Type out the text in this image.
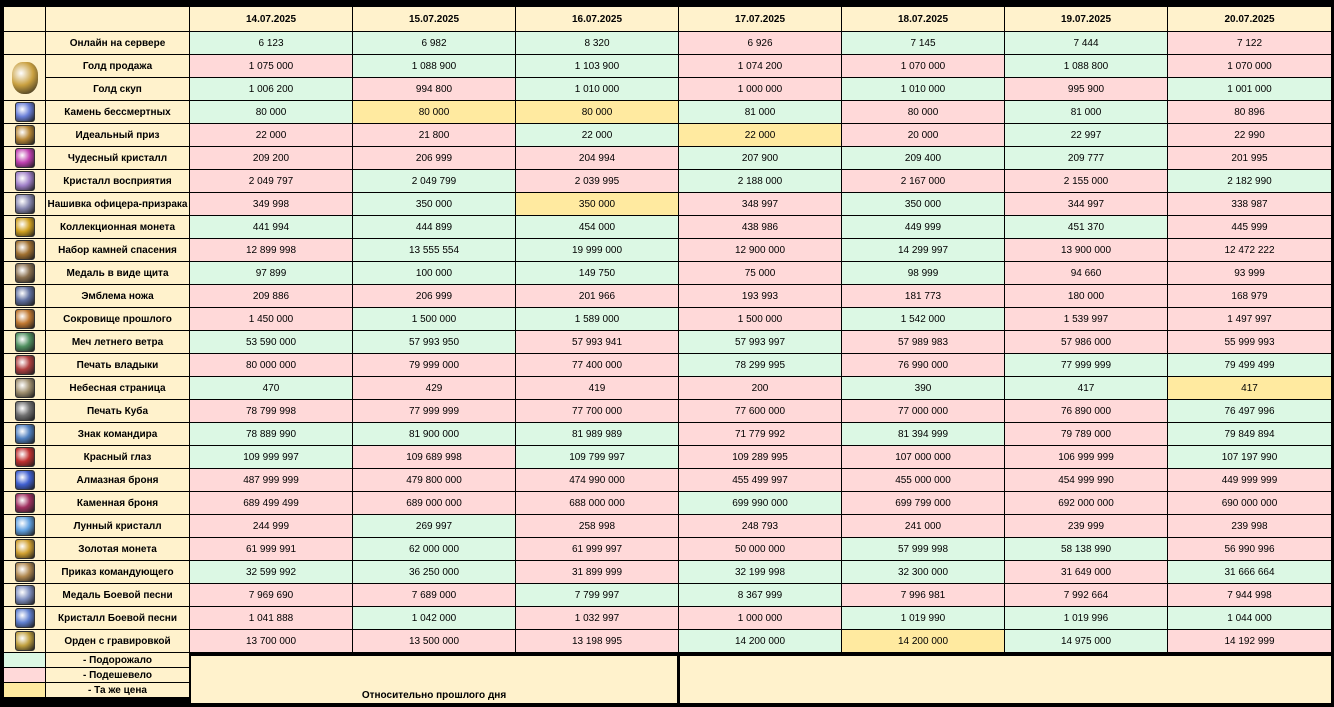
		14.07.2025	15.07.2025	16.07.2025	17.07.2025	18.07.2025	19.07.2025	20.07.2025
	Онлайн на сервере	6 123	6 982	8 320	6 926	7 145	7 444	7 122
	Голд продажа	1 075 000	1 088 900	1 103 900	1 074 200	1 070 000	1 088 800	1 070 000
	Голд скуп	1 006 200	994 800	1 010 000	1 000 000	1 010 000	995 900	1 001 000
	Камень бессмертных	80 000	80 000	80 000	81 000	80 000	81 000	80 896
	Идеальный приз	22 000	21 800	22 000	22 000	20 000	22 997	22 990
	Чудесный кристалл	209 200	206 999	204 994	207 900	209 400	209 777	201 995
	Кристалл восприятия	2 049 797	2 049 799	2 039 995	2 188 000	2 167 000	2 155 000	2 182 990
	Нашивка офицера-призрака	349 998	350 000	350 000	348 997	350 000	344 997	338 987
	Коллекционная монета	441 994	444 899	454 000	438 986	449 999	451 370	445 999
	Набор камней спасения	12 899 998	13 555 554	19 999 000	12 900 000	14 299 997	13 900 000	12 472 222
	Медаль в виде щита	97 899	100 000	149 750	75 000	98 999	94 660	93 999
	Эмблема ножа	209 886	206 999	201 966	193 993	181 773	180 000	168 979
	Сокровище прошлого	1 450 000	1 500 000	1 589 000	1 500 000	1 542 000	1 539 997	1 497 997
	Меч летнего ветра	53 590 000	57 993 950	57 993 941	57 993 997	57 989 983	57 986 000	55 999 993
	Печать владыки	80 000 000	79 999 000	77 400 000	78 299 995	76 990 000	77 999 999	79 499 499
	Небесная страница	470	429	419	200	390	417	417
	Печать Куба	78 799 998	77 999 999	77 700 000	77 600 000	77 000 000	76 890 000	76 497 996
	Знак командира	78 889 990	81 900 000	81 989 989	71 779 992	81 394 999	79 789 000	79 849 894
	Красный глаз	109 999 997	109 689 998	109 799 997	109 289 995	107 000 000	106 999 999	107 197 990
	Алмазная броня	487 999 999	479 800 000	474 990 000	455 499 997	455 000 000	454 999 990	449 999 999
	Каменная броня	689 499 499	689 000 000	688 000 000	699 990 000	699 799 000	692 000 000	690 000 000
	Лунный кристалл	244 999	269 997	258 998	248 793	241 000	239 999	239 998
	Золотая монета	61 999 991	62 000 000	61 999 997	50 000 000	57 999 998	58 138 990	56 990 996
	Приказ командующего	32 599 992	36 250 000	31 899 999	32 199 998	32 300 000	31 649 000	31 666 664
	Медаль Боевой песни	7 969 690	7 689 000	7 799 997	8 367 999	7 996 981	7 992 664	7 944 998
	Кристалл Боевой песни	1 041 888	1 042 000	1 032 997	1 000 000	1 019 990	1 019 996	1 044 000
	Орден с гравировкой	13 700 000	13 500 000	13 198 995	14 200 000	14 200 000	14 975 000	14 192 999
	- Подорожало							
	- Подешевело							
	- Та же цена								Относительно прошлого дня
